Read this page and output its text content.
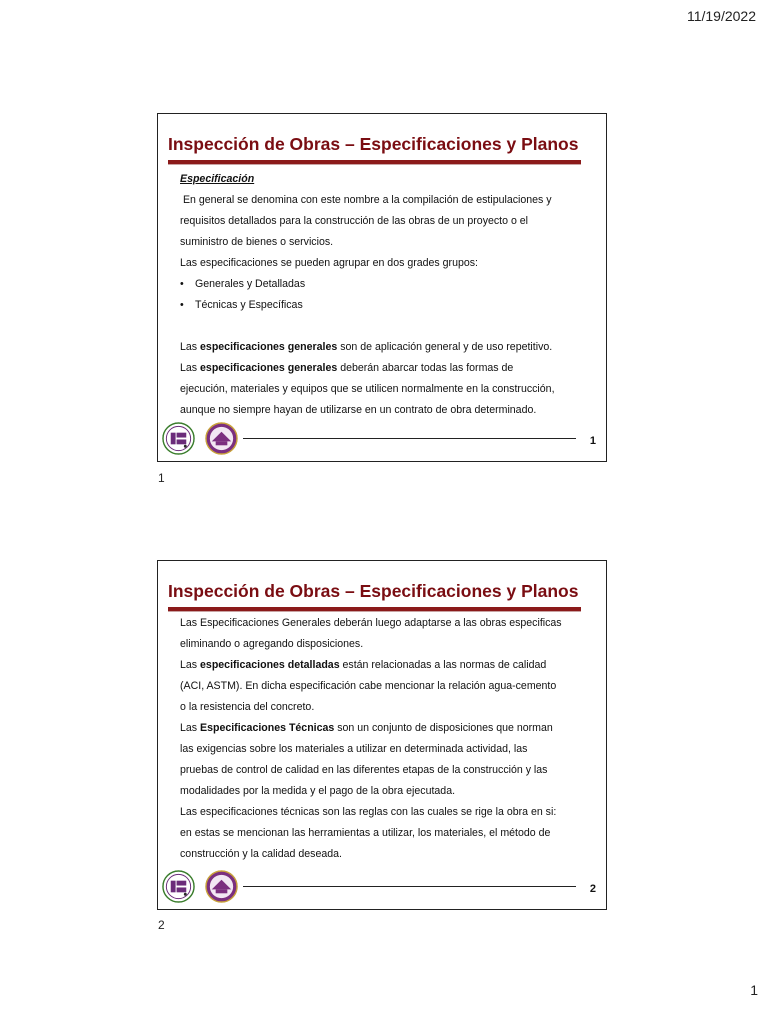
11/19/2022
Inspección de Obras – Especificaciones y Planos

Especificación

En general se denomina con este nombre a la compilación de estipulaciones y

requisitos detallados para la construcción de las obras de un proyecto o el

suministro de bienes o servicios.

Las especificaciones se pueden agrupar en dos grades grupos:

• Generales y Detalladas
• Técnicas y Específicas

Las especificaciones generales son de aplicación general y de uso repetitivo.

Las especificaciones generales deberán abarcar todas las formas de

ejecución, materiales y equipos que se utilicen normalmente en la construcción,

aunque no siempre hayan de utilizarse en un contrato de obra determinado.

1
1
Inspección de Obras – Especificaciones y Planos

Las Especificaciones Generales deberán luego adaptarse a las obras especificas

eliminando o agregando disposiciones.

Las especificaciones detalladas están relacionadas a las normas de calidad

(ACI, ASTM). En dicha especificación cabe mencionar la relación agua-cemento

o la resistencia del concreto.

Las Especificaciones Técnicas son un conjunto de disposiciones que norman

las exigencias sobre los materiales a utilizar en determinada actividad, las

pruebas de control de calidad en las diferentes etapas de la construcción y las

modalidades por la medida y el pago de la obra ejecutada.

Las especificaciones técnicas son las reglas con las cuales se rige la obra en si:

en estas se mencionan las herramientas a utilizar, los materiales, el método de

construcción y la calidad deseada.

2
2
1
